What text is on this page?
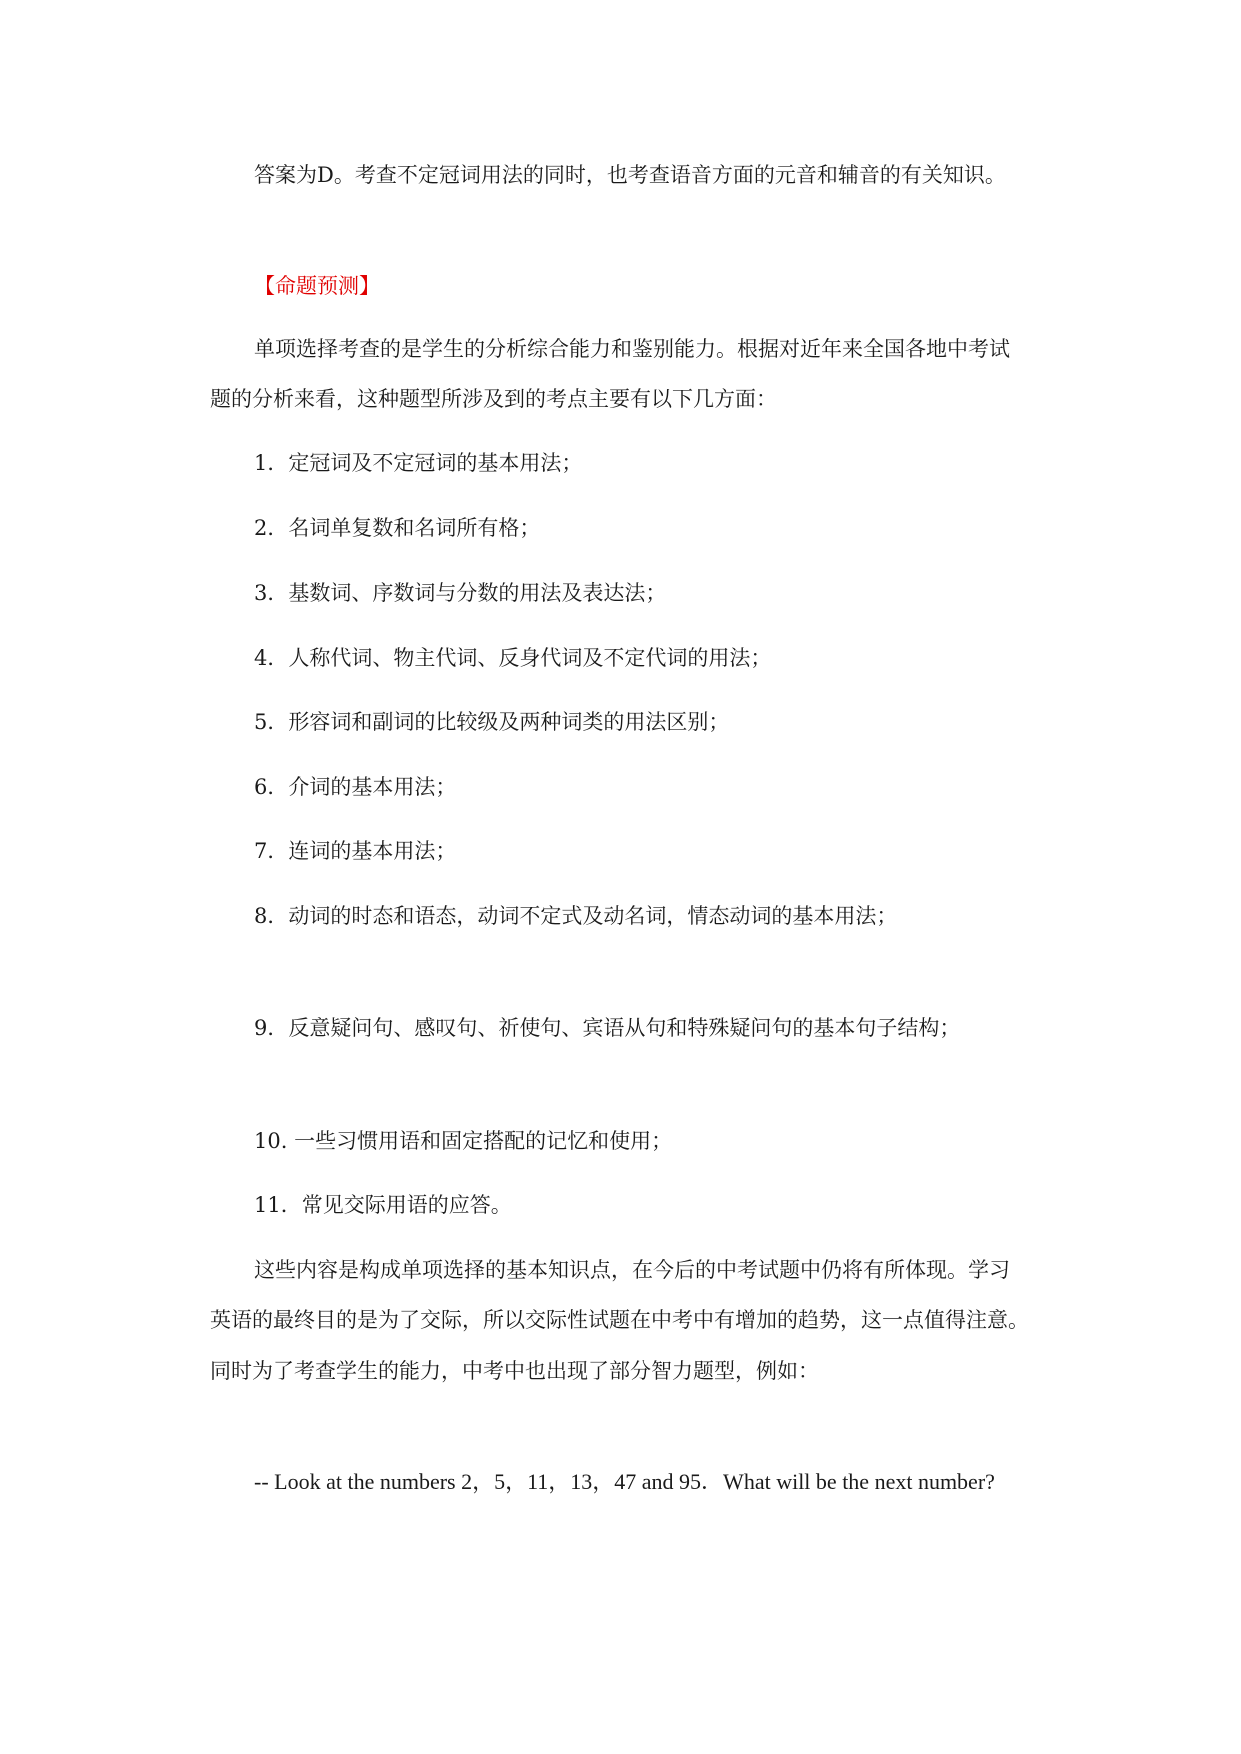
答案为D。考查不定冠词用法的同时，也考查语音方面的元音和辅音的有关知识。
【命题预测】
单项选择考查的是学生的分析综合能力和鉴别能力。根据对近年来全国各地中考试
题的分析来看，这种题型所涉及到的考点主要有以下几方面：
1．定冠词及不定冠词的基本用法；
2．名词单复数和名词所有格；
3．基数词、序数词与分数的用法及表达法；
4．人称代词、物主代词、反身代词及不定代词的用法；
5．形容词和副词的比较级及两种词类的用法区别；
6．介词的基本用法；
7．连词的基本用法；
8．动词的时态和语态，动词不定式及动名词，情态动词的基本用法；
9．反意疑问句、感叹句、祈使句、宾语从句和特殊疑问句的基本句子结构；
10. 一些习惯用语和固定搭配的记忆和使用；
11．常见交际用语的应答。
这些内容是构成单项选择的基本知识点，在今后的中考试题中仍将有所体现。学习
英语的最终目的是为了交际，所以交际性试题在中考中有增加的趋势，这一点值得注意。
同时为了考查学生的能力，中考中也出现了部分智力题型，例如：
-- Look at the numbers 2，5，11，13，47 and 95．What will be the next number?
